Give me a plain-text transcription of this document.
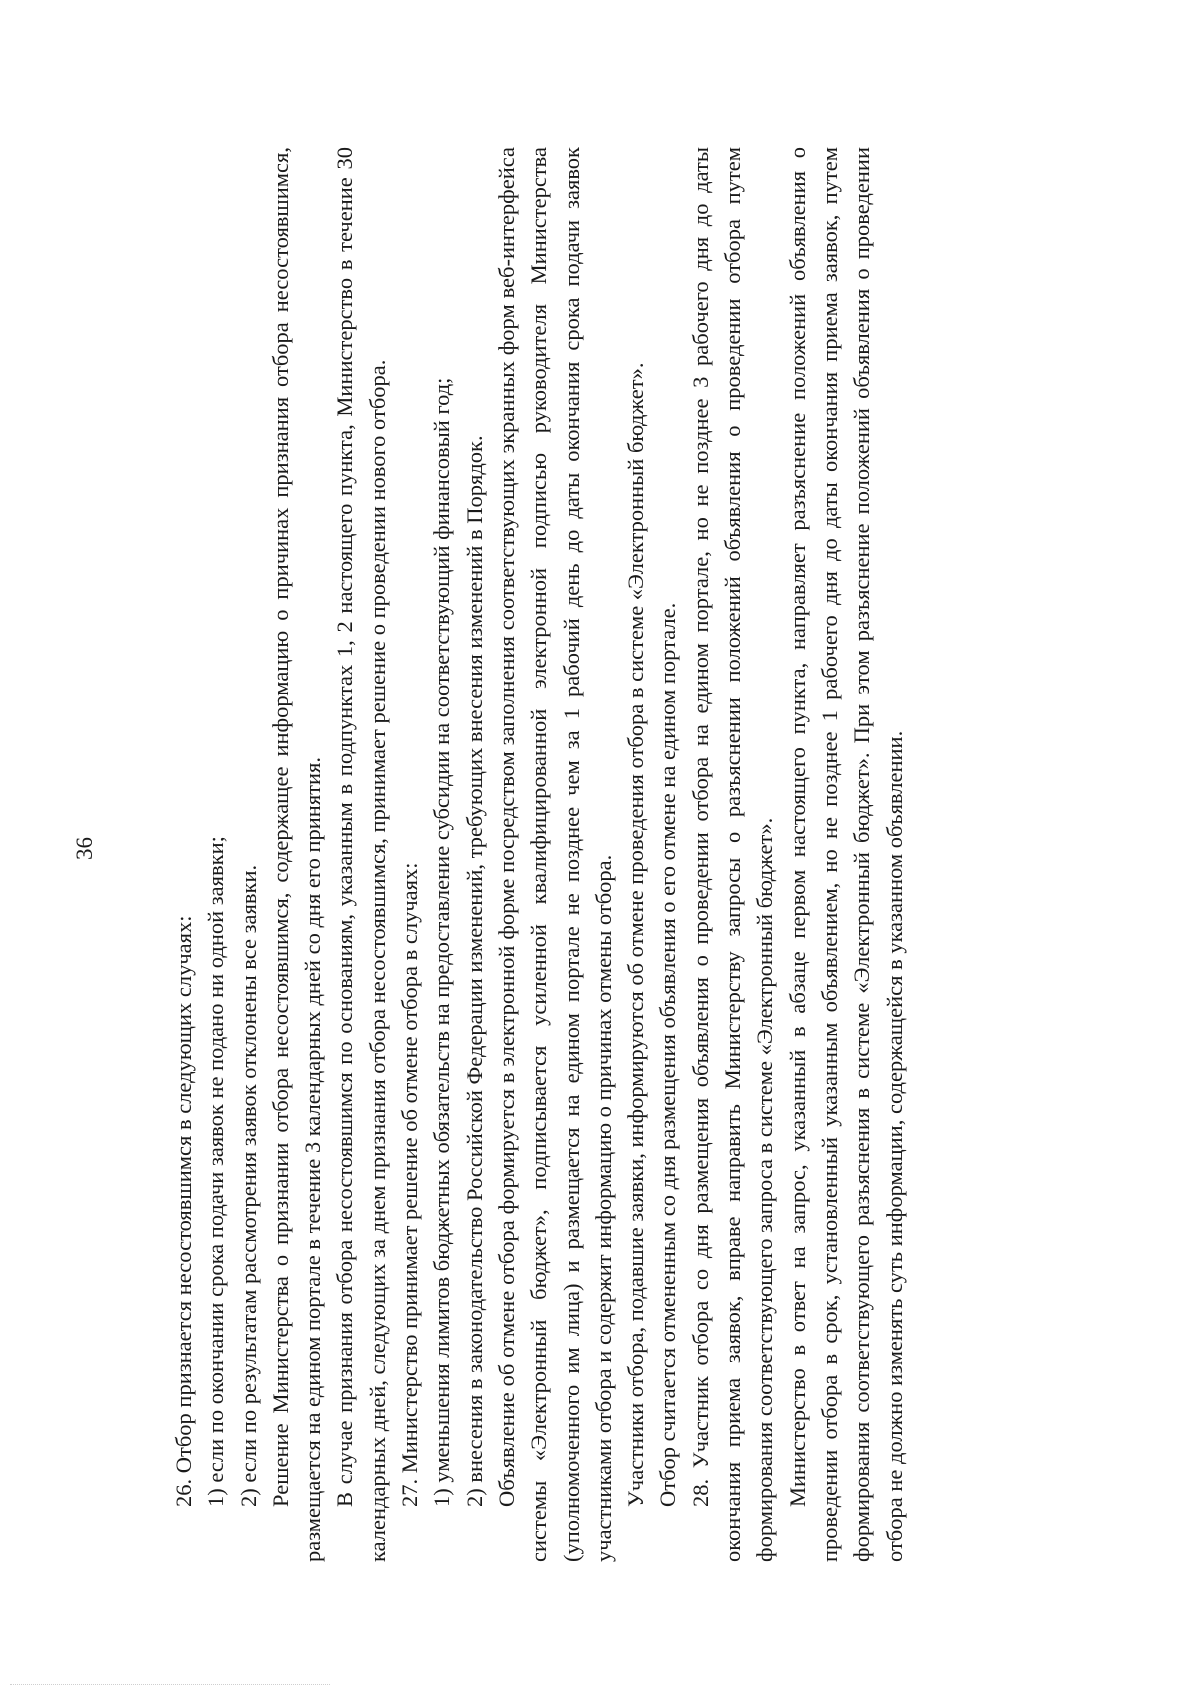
36

26. Отбор признается несостоявшимся в следующих случаях: 1) если по окончании срока подачи заявок не подано ни одной заявки; 2) если по результатам рассмотрения заявок отклонены все заявки. Решение Министерства о признании отбора несостоявшимся, содержащее информацию о причинах признания отбора несостоявшимся, размещается на едином портале в течение 3 календарных дней со дня его принятия. В случае признания отбора несостоявшимся по основаниям, указанным в подпунктах 1, 2 настоящего пункта, Министерство в течение 30 календарных дней, следующих за днем признания отбора несостоявшимся, принимает решение о проведении нового отбора. 27. Министерство принимает решение об отмене отбора в случаях: 1) уменьшения лимитов бюджетных обязательств на предоставление субсидии на соответствующий финансовый год; 2) внесения в законодательство Российской Федерации изменений, требующих внесения изменений в Порядок. Объявление об отмене отбора формируется в электронной форме посредством заполнения соответствующих экранных форм веб-интерфейса системы «Электронный бюджет», подписывается усиленной квалифицированной электронной подписью руководителя Министерства (уполномоченного им лица) и размещается на едином портале не позднее чем за 1 рабочий день до даты окончания срока подачи заявок участниками отбора и содержит информацию о причинах отмены отбора. Участники отбора, подавшие заявки, информируются об отмене проведения отбора в системе «Электронный бюджет». Отбор считается отмененным со дня размещения объявления о его отмене на едином портале. 28. Участник отбора со дня размещения объявления о проведении отбора на едином портале, но не позднее 3 рабочего дня до даты окончания приема заявок, вправе направить Министерству запросы о разъяснении положений объявления о проведении отбора путем формирования соответствующего запроса в системе «Электронный бюджет». Министерство в ответ на запрос, указанный в абзаце первом настоящего пункта, направляет разъяснение положений объявления о проведении отбора в срок, установленный указанным объявлением, но не позднее 1 рабочего дня до даты окончания приема заявок, путем формирования соответствующего разъяснения в системе «Электронный бюджет». При этом разъяснение положений объявления о проведении отбора не должно изменять суть информации, содержащейся в указанном объявлении.
